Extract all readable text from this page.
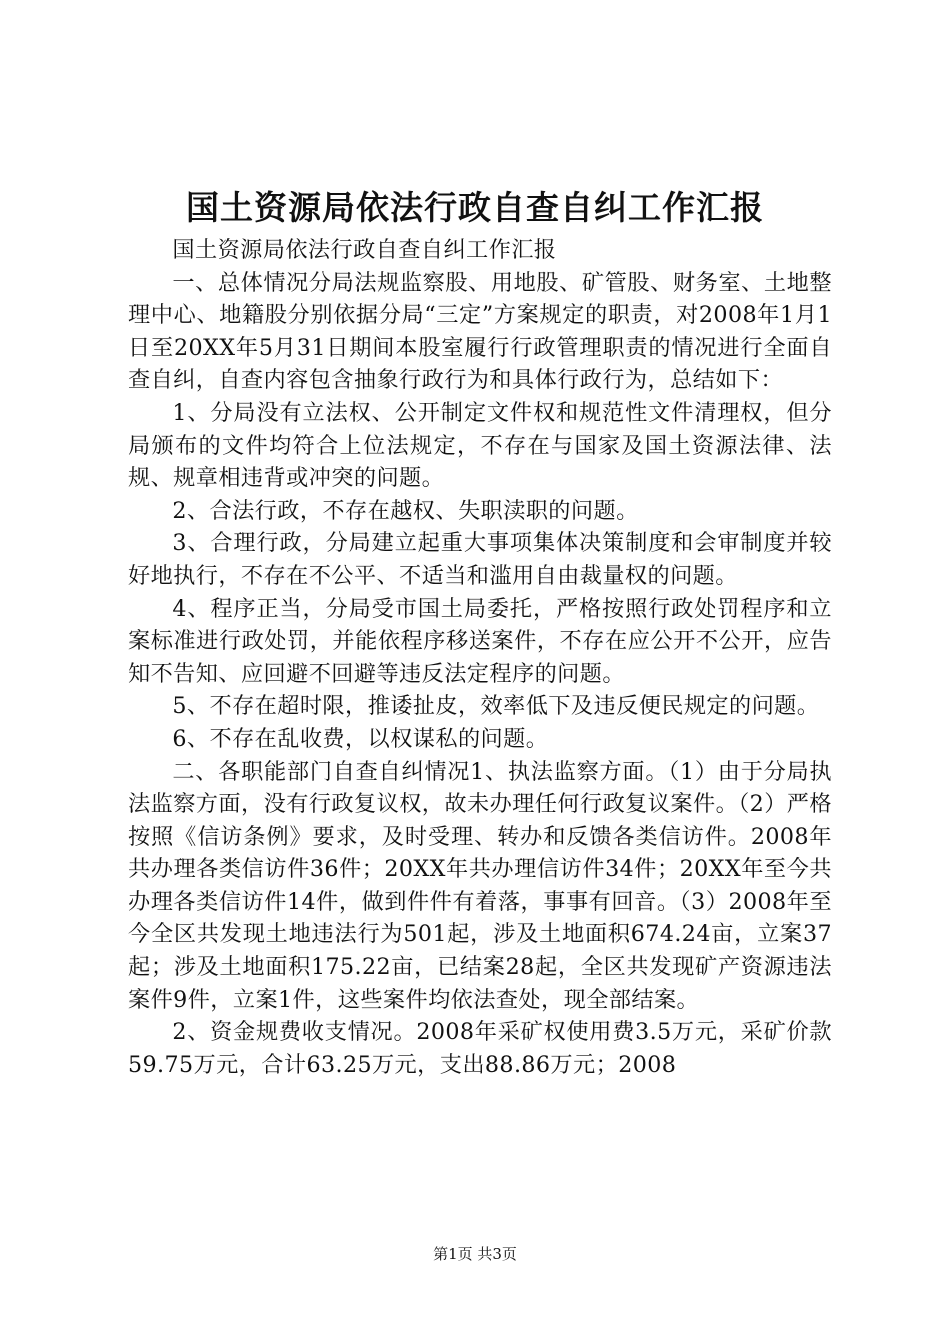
国土资源局依法行政自查自纠工作汇报

国土资源局依法行政自查自纠工作汇报

一、总体情况分局法规监察股、用地股、矿管股、财务室、土地整理中心、地籍股分别依据分局“三定”方案规定的职责，对2008年1月1日至20XX年5月31日期间本股室履行行政管理职责的情况进行全面自查自纠，自查内容包含抽象行政行为和具体行政行为，总结如下：

1、分局没有立法权、公开制定文件权和规范性文件清理权，但分局颁布的文件均符合上位法规定，不存在与国家及国土资源法律、法规、规章相违背或冲突的问题。

2、合法行政，不存在越权、失职渎职的问题。

3、合理行政，分局建立起重大事项集体决策制度和会审制度并较好地执行，不存在不公平、不适当和滥用自由裁量权的问题。

4、程序正当，分局受市国土局委托，严格按照行政处罚程序和立案标准进行政处罚，并能依程序移送案件，不存在应公开不公开，应告知不告知、应回避不回避等违反法定程序的问题。

5、不存在超时限，推诿扯皮，效率低下及违反便民规定的问题。

6、不存在乱收费，以权谋私的问题。

二、各职能部门自查自纠情况1、执法监察方面。（1）由于分局执法监察方面，没有行政复议权，故未办理任何行政复议案件。（2）严格按照《信访条例》要求，及时受理、转办和反馈各类信访件。2008年共办理各类信访件36件；20XX年共办理信访件34件；20XX年至今共办理各类信访件14件，做到件件有着落，事事有回音。（3）2008年至今全区共发现土地违法行为501起，涉及土地面积674.24亩，立案37起；涉及土地面积175.22亩，已结案28起，全区共发现矿产资源违法案件9件，立案1件，这些案件均依法查处，现全部结案。

2、资金规费收支情况。2008年采矿权使用费3.5万元，采矿价款59.75万元，合计63.25万元，支出88.86万元；2008

第1页 共3页
